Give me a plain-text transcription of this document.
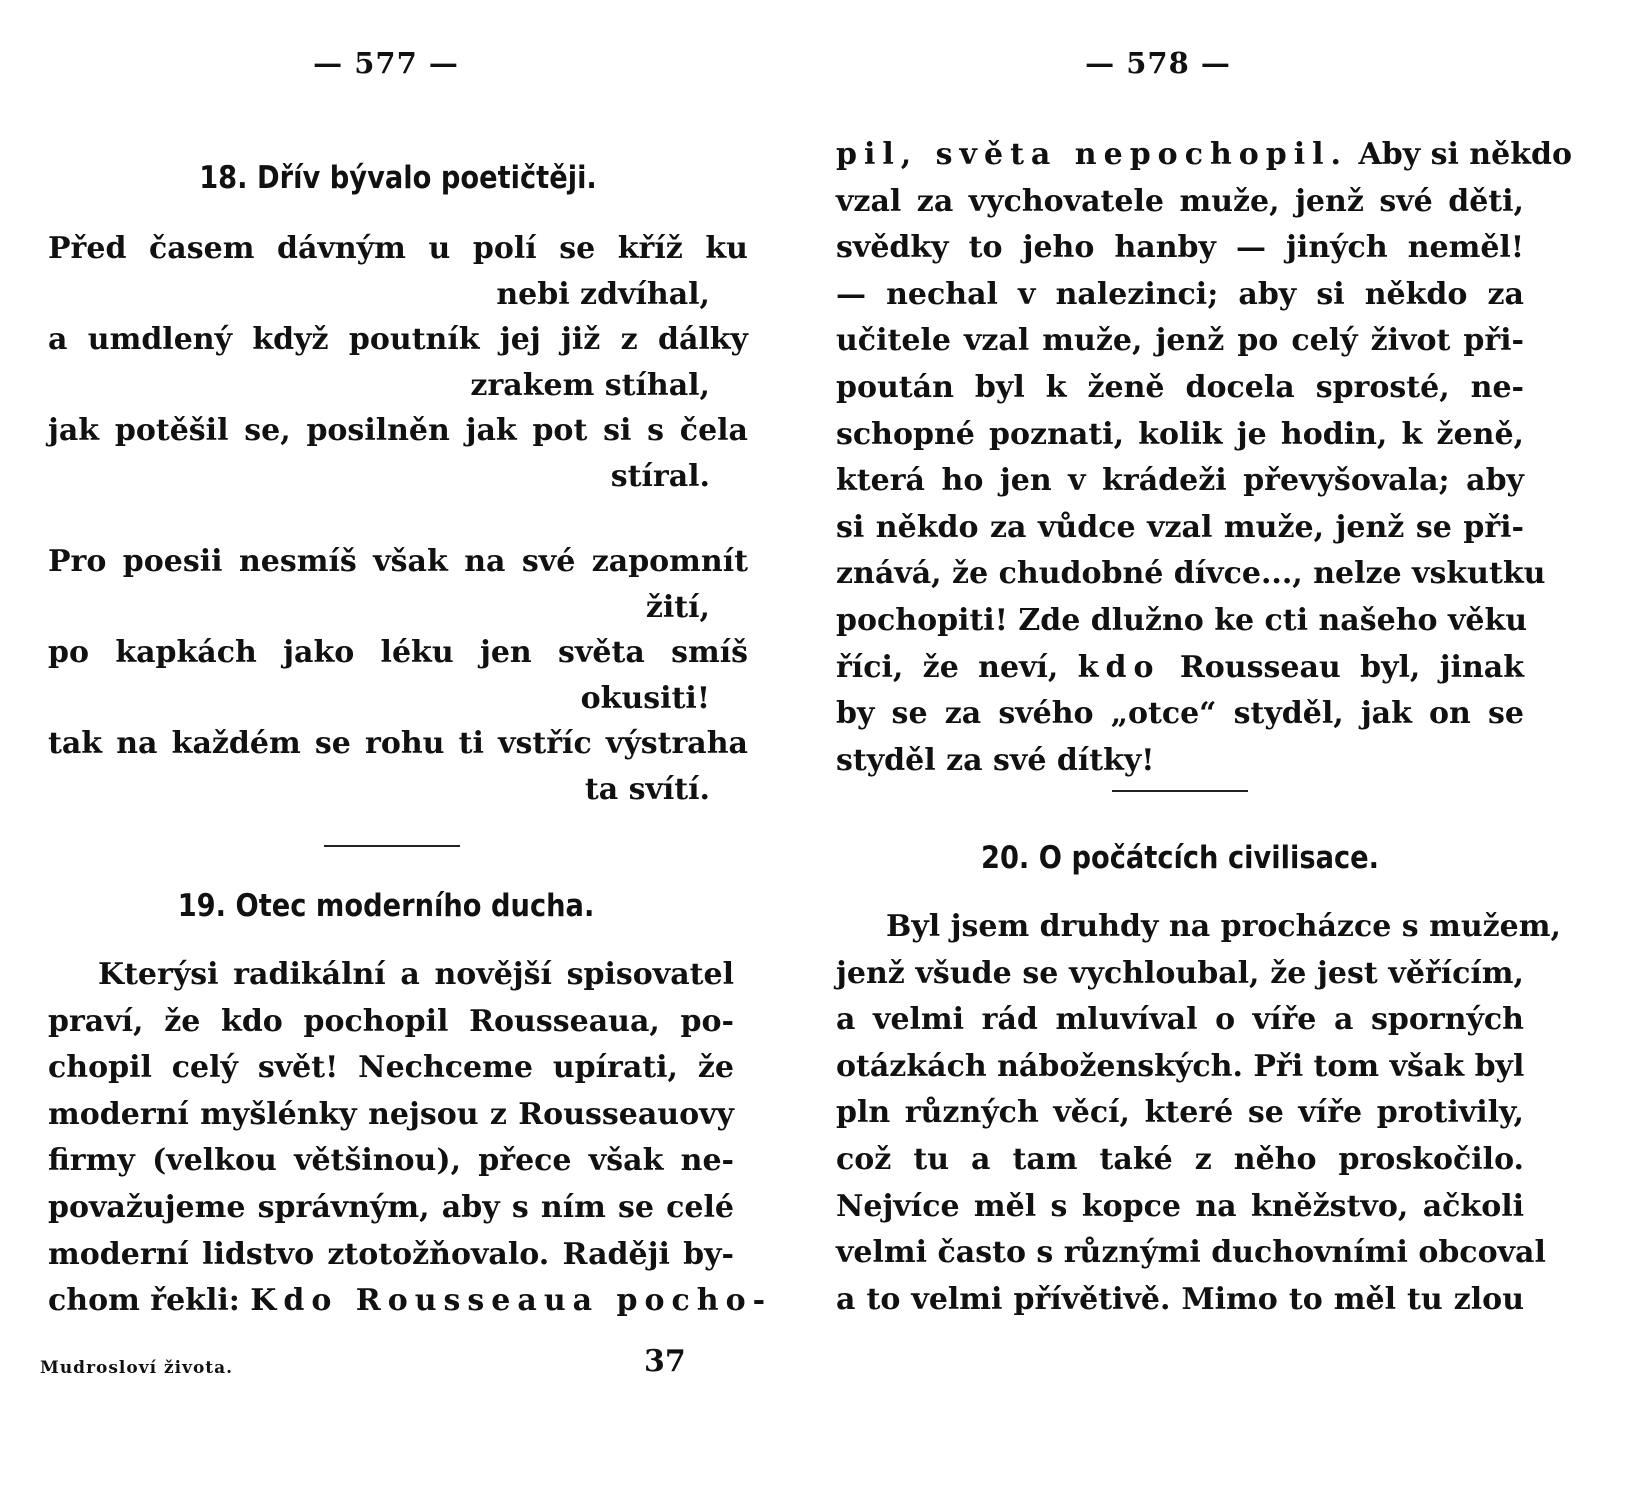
— 577 —
18. Dřív bývalo poetičtěji.
Před časem dávným u polí se kříž ku
nebi zdvíhal,
a umdlený když poutník jej již z dálky
zrakem stíhal,
jak potěšil se, posilněn jak pot si s čela
stíral.
Pro poesii nesmíš však na své zapomnít
žití,
po kapkách jako léku jen světa smíš
okusiti!
tak na každém se rohu ti vstříc výstraha
ta svítí.
19. Otec moderního ducha.
Kterýsi radikální a novější spisovatel
praví, že kdo pochopil Rousseaua, po-
chopil celý svět! Nechceme upírati, že
moderní myšlénky nejsou z Rousseauovy
firmy (velkou většinou), přece však ne-
považujeme správným, aby s ním se celé
moderní lidstvo ztotožňovalo. Raději by-
chom řekli: Kdo Rousseaua pocho-
Mudrosloví života.	37
— 578 —
pil, světa nepochopil. Aby si někdo
vzal za vychovatele muže, jenž své děti,
svědky to jeho hanby — jiných neměl!
— nechal v nalezinci; aby si někdo za
učitele vzal muže, jenž po celý život při-
poután byl k ženě docela sprosté, ne-
schopné poznati, kolik je hodin, k ženě,
která ho jen v krádeži převyšovala; aby
si někdo za vůdce vzal muže, jenž se při-
znává, že chudobné dívce..., nelze vskutku
pochopiti! Zde dlužno ke cti našeho věku
říci, že neví, kdo Rousseau byl, jinak
by se za svého „otce“ styděl, jak on se
styděl za své dítky!
20. O počátcích civilisace.
Byl jsem druhdy na procházce s mužem,
jenž všude se vychloubal, že jest věřícím,
a velmi rád mluvíval o víře a sporných
otázkách náboženských. Při tom však byl
pln různých věcí, které se víře protivily,
což tu a tam také z něho proskočilo.
Nejvíce měl s kopce na kněžstvo, ačkoli
velmi často s různými duchovními obcoval
a to velmi přívětivě. Mimo to měl tu zlou
